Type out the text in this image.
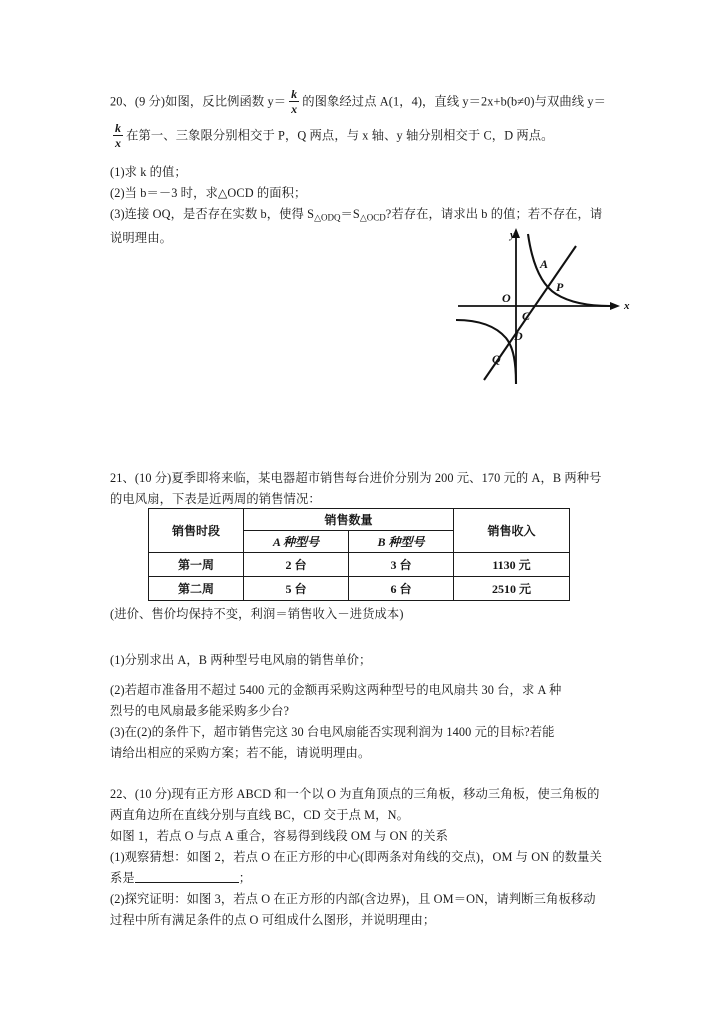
20、(9 分)如图，反比例函数 $y= \frac{k}{x}$ 的图象经过点 A(1，4)，直线 y＝2x+b(b≠0)与双曲线 y＝
$\frac{k}{x}$ 在第一、三象限分别相交于 P，Q 两点，与 x 轴、y 轴分别相交于 C，D 两点。
(1)求 k 的值；
(2)当 b＝－3 时，求△OCD 的面积；
(3)连接 OQ，是否存在实数 b，使得 $S_{\triangle ODQ}=S_{\triangle OCD}$?若存在，请求出 b 的值；若不存在，请
说明理由。
x
y
A
P
O
C
D
Q
21、(10 分)夏季即将来临，某电器超市销售每台进价分别为 200 元、170 元的 A，B 两种号
的电风扇，下表是近两周的销售情况：
销售时段	销售数量		销售收入
	A 种型号	B 种型号	
第一周	2 台	3 台	1130 元
第二周	5 台	6 台	2510 元
(进价、售价均保持不变，利润＝销售收入－进货成本)
(1)分别求出 A，B 两种型号电风扇的销售单价；
(2)若超市准备用不超过 5400 元的金额再采购这两种型号的电风扇共 30 台，求 A 种
烈号的电风扇最多能采购多少台?
(3)在(2)的条件下，超市销售完这 30 台电风扇能否实现利润为 1400 元的目标?若能
请给出相应的采购方案；若不能，请说明理由。
22、(10 分)现有正方形 ABCD 和一个以 O 为直角顶点的三角板，移动三角板，使三角板的
两直角边所在直线分别与直线 BC，CD 交于点 M，N。
如图 1，若点 O 与点 A 重合，容易得到线段 OM 与 ON 的关系
(1)观察猜想：如图 2，若点 O 在正方形的中心(即两条对角线的交点)，OM 与 ON 的数量关
系是	；
(2)探究证明：如图 3，若点 O 在正方形的内部(含边界)，且 OM＝ON，请判断三角板移动
过程中所有满足条件的点 O 可组成什么图形，并说明理由；
